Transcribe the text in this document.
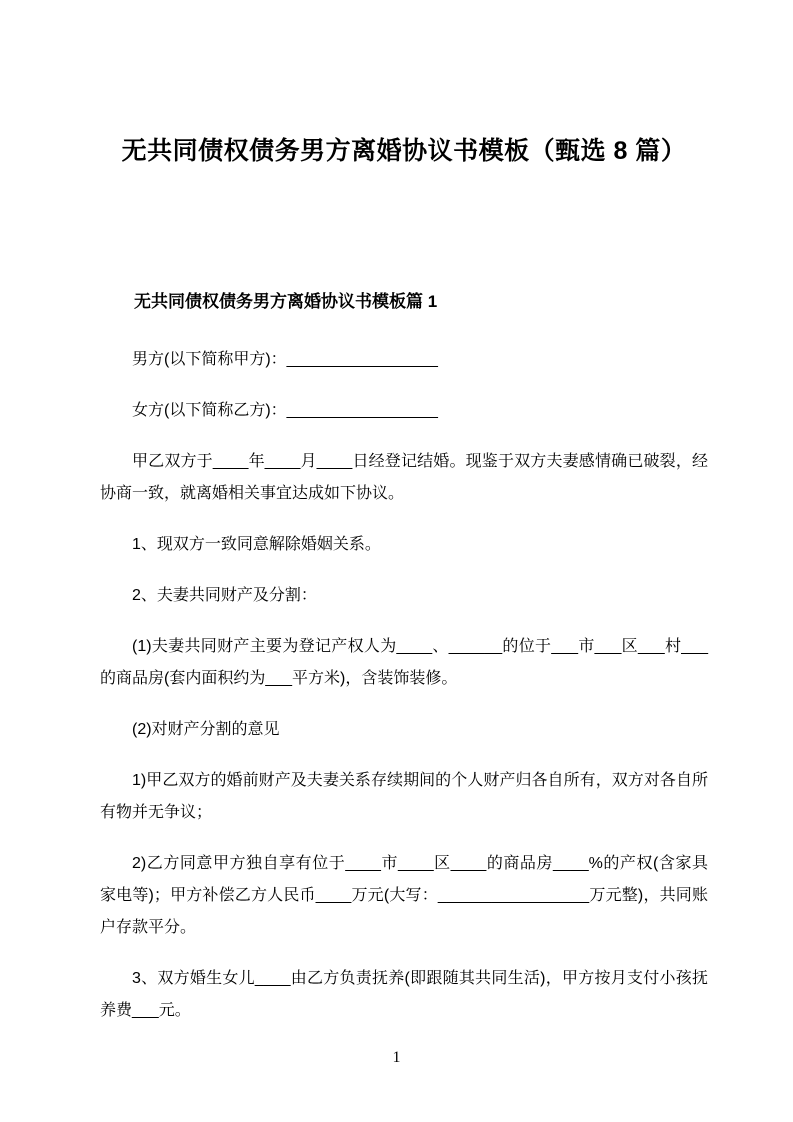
无共同债权债务男方离婚协议书模板（甄选 8 篇）
无共同债权债务男方离婚协议书模板篇 1

男方(以下简称甲方)：_________________

女方(以下简称乙方)：_________________

甲乙双方于____年____月____日经登记结婚。现鉴于双方夫妻感情确已破裂，经协商一致，就离婚相关事宜达成如下协议。

1、现双方一致同意解除婚姻关系。

2、夫妻共同财产及分割：

(1)夫妻共同财产主要为登记产权人为____、______的位于___市___区___村___的商品房(套内面积约为___平方米)，含装饰装修。

(2)对财产分割的意见

1)甲乙双方的婚前财产及夫妻关系存续期间的个人财产归各自所有，双方对各自所有物并无争议；

2)乙方同意甲方独自享有位于____市____区____的商品房____%的产权(含家具家电等)；甲方补偿乙方人民币____万元(大写：_________________万元整)，共同账户存款平分。

3、双方婚生女儿____由乙方负责抚养(即跟随其共同生活)，甲方按月支付小孩抚养费___元。

1
